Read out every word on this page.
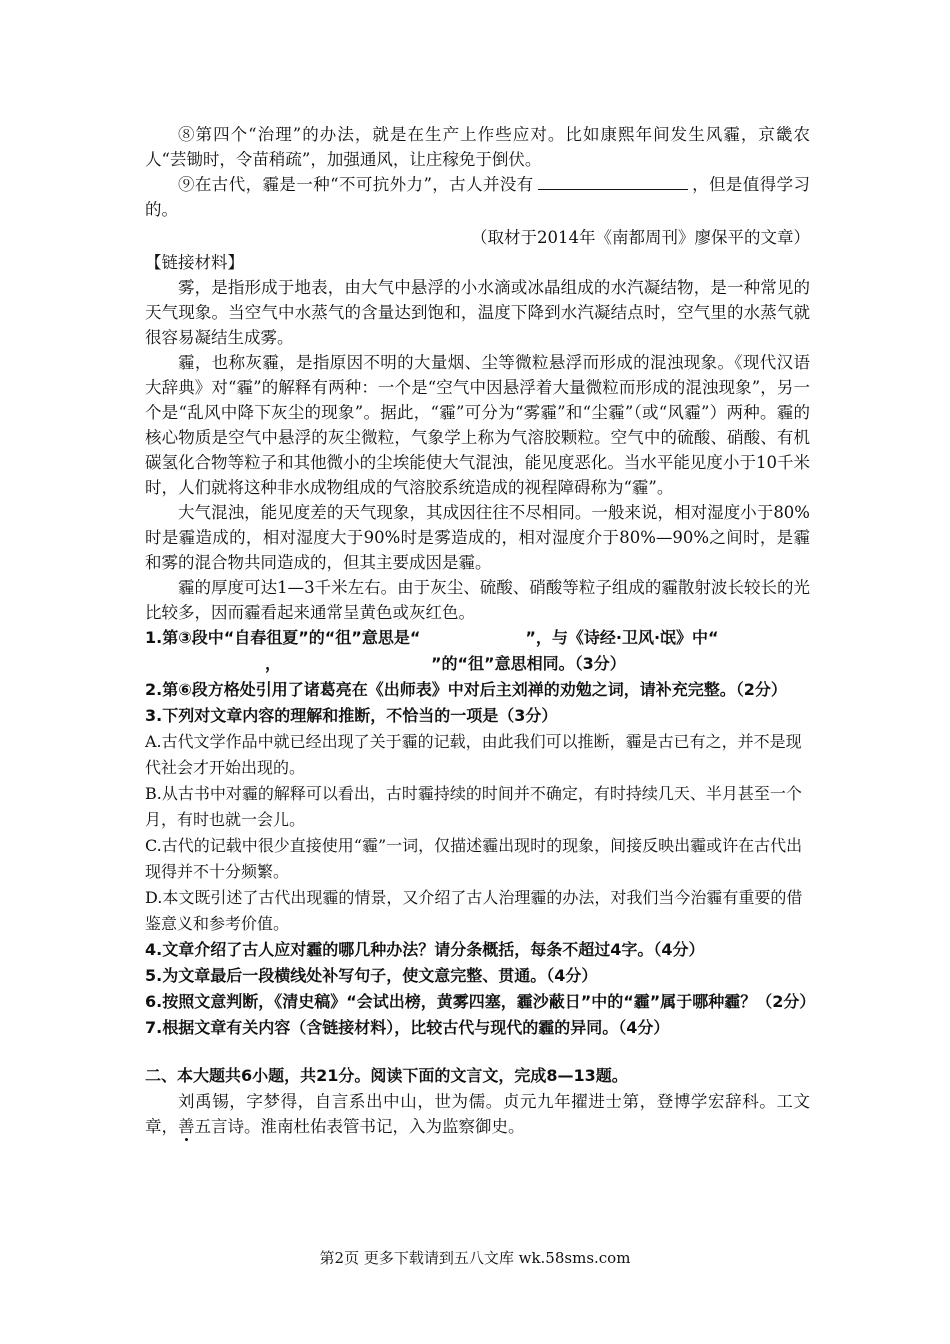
⑧第四个“治理”的办法，就是在生产上作些应对。比如康熙年间发生风霾，京畿农人“芸锄时，令苗稍疏”，加强通风，让庄稼免于倒伏。

⑨在古代，霾是一种“不可抗外力”，古人并没有	，但是值得学习的。

（取材于2014年《南都周刊》廖保平的文章）

【链接材料】

雾，是指形成于地表，由大气中悬浮的小水滴或冰晶组成的水汽凝结物，是一种常见的天气现象。当空气中水蒸气的含量达到饱和，温度下降到水汽凝结点时，空气里的水蒸气就很容易凝结生成雾。

霾，也称灰霾，是指原因不明的大量烟、尘等微粒悬浮而形成的混浊现象。《现代汉语大辞典》对“霾”的解释有两种：一个是“空气中因悬浮着大量微粒而形成的混浊现象”，另一个是“乱风中降下灰尘的现象”。据此，“霾”可分为“雾霾”和“尘霾”（或“风霾”）两种。霾的核心物质是空气中悬浮的灰尘微粒，气象学上称为气溶胶颗粒。空气中的硫酸、硝酸、有机碳氢化合物等粒子和其他微小的尘埃能使大气混浊，能见度恶化。当水平能见度小于10千米时，人们就将这种非水成物组成的气溶胶系统造成的视程障碍称为“霾”。

大气混浊，能见度差的天气现象，其成因往往不尽相同。一般来说，相对湿度小于80%时是霾造成的，相对湿度大于90%时是雾造成的，相对湿度介于80%—90%之间时，是霾和雾的混合物共同造成的，但其主要成因是霾。

霾的厚度可达1—3千米左右。由于灰尘、硫酸、硝酸等粒子组成的霾散射波长较长的光比较多，因而霾看起来通常呈黄色或灰红色。

1.第③段中“自春徂夏”的“徂”意思是“	”，与《诗经·卫风·氓》中“，	”的“徂”意思相同。（3分）

2.第⑥段方格处引用了诸葛亮在《出师表》中对后主刘禅的劝勉之词，请补充完整。（2分）

3.下列对文章内容的理解和推断，不恰当的一项是（3分）

A.古代文学作品中就已经出现了关于霾的记载，由此我们可以推断，霾是古已有之，并不是现代社会才开始出现的。

B.从古书中对霾的解释可以看出，古时霾持续的时间并不确定，有时持续几天、半月甚至一个月，有时也就一会儿。

C.古代的记载中很少直接使用“霾”一词，仅描述霾出现时的现象，间接反映出霾或许在古代出现得并不十分频繁。

D.本文既引述了古代出现霾的情景，又介绍了古人治理霾的办法，对我们当今治霾有重要的借鉴意义和参考价值。

4.文章介绍了古人应对霾的哪几种办法？请分条概括，每条不超过4字。（4分）

5.为文章最后一段横线处补写句子，使文意完整、贯通。（4分）

6.按照文意判断，《清史稿》“会试出榜，黄雾四塞，霾沙蔽日”中的“霾”属于哪种霾？（2分）

7.根据文章有关内容（含链接材料），比较古代与现代的霾的异同。（4分）

二、本大题共6小题，共21分。阅读下面的文言文，完成8—13题。

刘禹锡，字梦得，自言系出中山，世为儒。贞元九年擢进士第，登博学宏辞科。工文章，善五言诗。淮南杜佑表管书记，入为监察御史。

第2页 更多下载请到五八文库 wk.58sms.com
